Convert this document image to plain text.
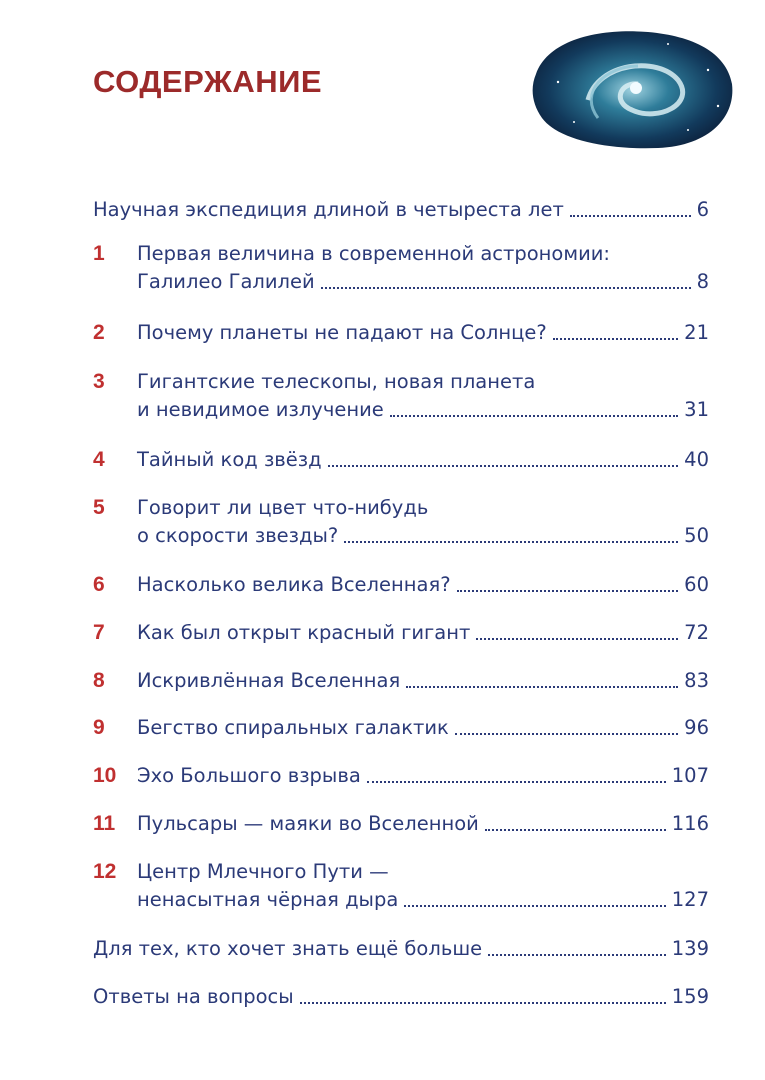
СОДЕРЖАНИЕ
Научная экспедиция длиной в четыреста лет	6
1	Первая величина в современной астрономии:
Галилео Галилей	8
2	Почему планеты не падают на Солнце?	21
3	Гигантские телескопы, новая планета
и невидимое излучение	31
4	Тайный код звёзд	40
5	Говорит ли цвет что-нибудь
о скорости звезды?	50
6	Насколько велика Вселенная?	60
7	Как был открыт красный гигант	72
8	Искривлённая Вселенная	83
9	Бегство спиральных галактик	96
10	Эхо Большого взрыва	107
11	Пульсары — маяки во Вселенной	116
12	Центр Млечного Пути —
ненасытная чёрная дыра	127
Для тех, кто хочет знать ещё больше	139
Ответы на вопросы	159
